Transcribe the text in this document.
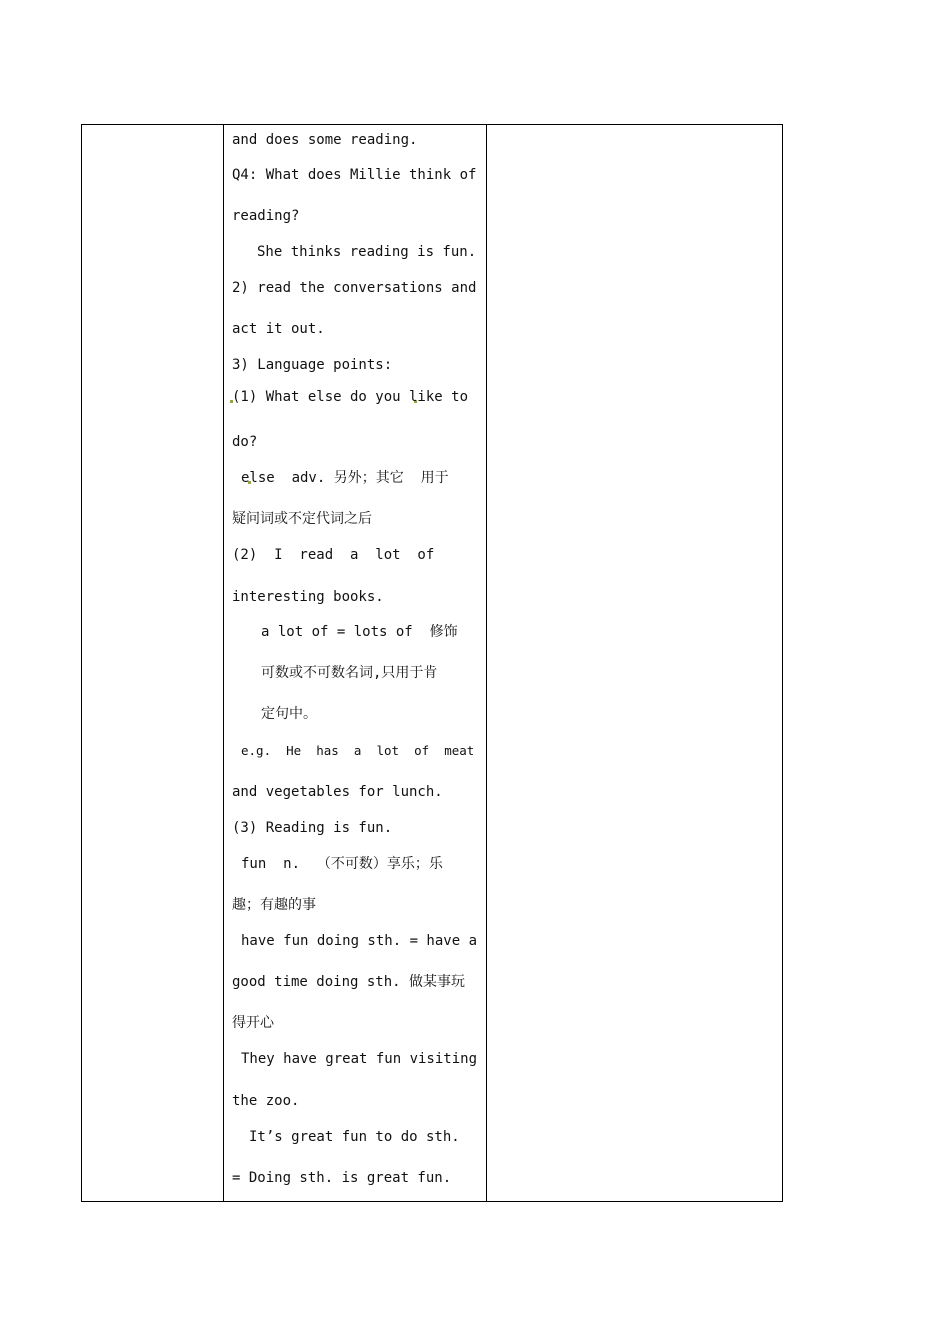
and does some reading.
Q4: What does Millie think of
reading?
She thinks reading is fun.
2) read the conversations and
act it out.
3) Language points:
(1) What else do you like to
do?
else  adv. 另外；其它  用于
疑问词或不定代词之后
(2)  I  read  a  lot  of
interesting books.
a lot of = lots of  修饰
可数或不可数名词,只用于肯
定句中。
e.g.  He  has  a  lot  of  meat
and vegetables for lunch.
(3) Reading is fun.
fun  n.  （不可数）享乐；乐
趣；有趣的事
have fun doing sth. = have a
good time doing sth. 做某事玩
得开心
They have great fun visiting
the zoo.
It’s great fun to do sth.
= Doing sth. is great fun.
